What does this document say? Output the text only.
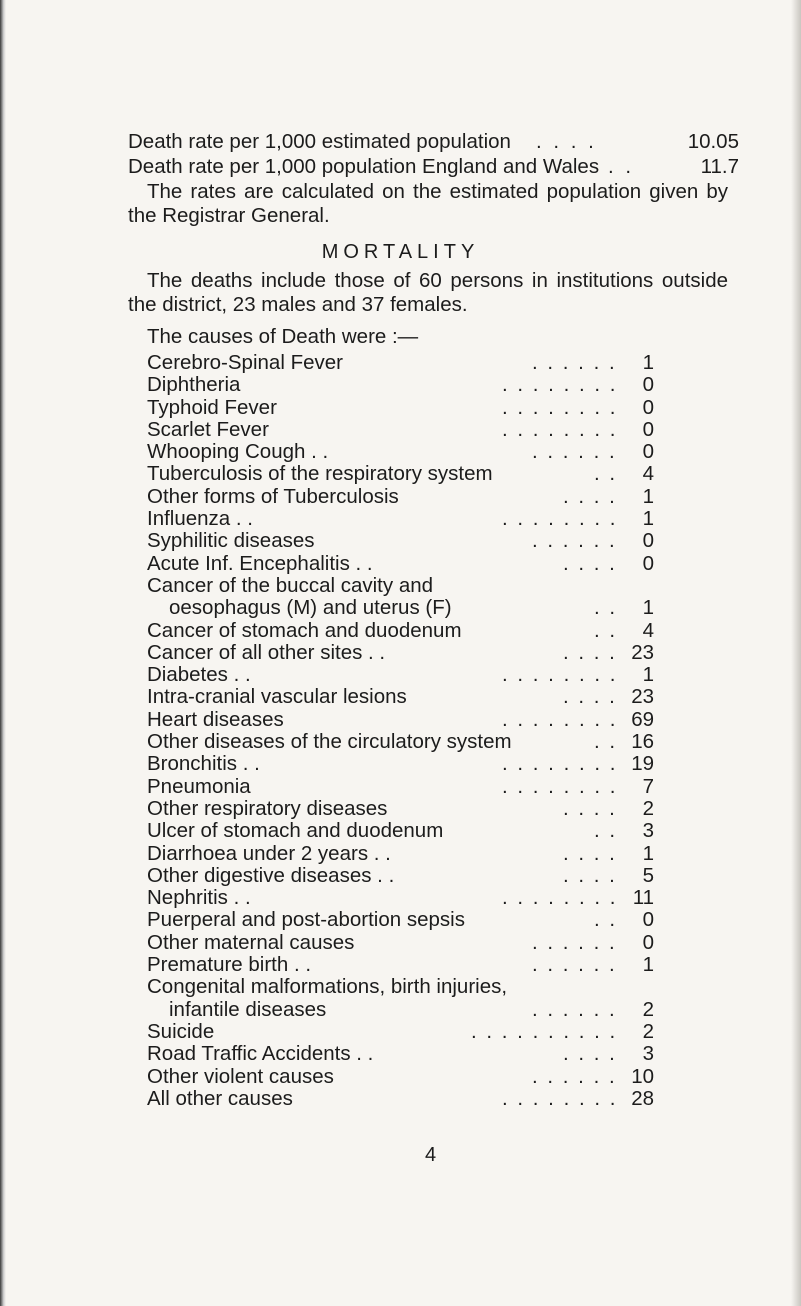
Death rate per 1,000 estimated population . . . .	10.05
Death rate per 1,000 population England and Wales . .	11.7
The rates are calculated on the estimated population given by the Registrar General.
MORTALITY
The deaths include those of 60 persons in institutions outside the district, 23 males and 37 females.
The causes of Death were :—
Cerebro-Spinal Fever	. . . . . . 1
Diphtheria	. . . . . . . . 0
Typhoid Fever	. . . . . . . . 0
Scarlet Fever	. . . . . . . . 0
Whooping Cough . .	. . . . . . 0
Tuberculosis of the respiratory system	. . 4
Other forms of Tuberculosis	. . . . 1
Influenza . .	. . . . . . . . 1
Syphilitic diseases	. . . . . . 0
Acute Inf. Encephalitis . .	. . . . 0
Cancer of the buccal cavity and
oesophagus (M) and uterus (F)	. . 1
Cancer of stomach and duodenum	. . 4
Cancer of all other sites . .	. . . . 23
Diabetes . .	. . . . . . . . 1
Intra-cranial vascular lesions	. . . . 23
Heart diseases	. . . . . . . . 69
Other diseases of the circulatory system	. . 16
Bronchitis . .	. . . . . . . . 19
Pneumonia	. . . . . . . . 7
Other respiratory diseases	. . . . 2
Ulcer of stomach and duodenum	. . 3
Diarrhoea under 2 years . .	. . . . 1
Other digestive diseases . .	. . . . 5
Nephritis . .	. . . . . . . . 11
Puerperal and post-abortion sepsis	. . 0
Other maternal causes	. . . . . . 0
Premature birth . .	. . . . . . 1
Congenital malformations, birth injuries,
infantile diseases	. . . . . . 2
Suicide	. . . . . . . . . . 2
Road Traffic Accidents . .	. . . . 3
Other violent causes	. . . . . . 10
All other causes	. . . . . . . . 28
4
